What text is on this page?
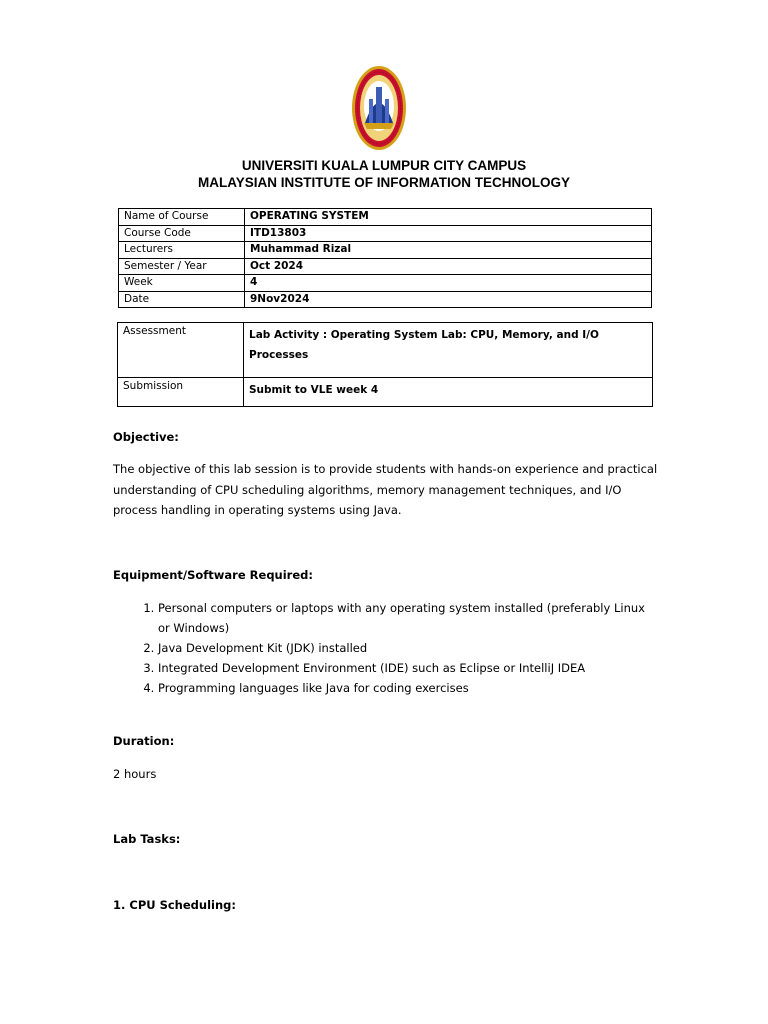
UNIVERSITI KUALA LUMPUR CITY CAMPUS
MALAYSIAN INSTITUTE OF INFORMATION TECHNOLOGY
Name of Course	OPERATING SYSTEM
Course Code	ITD13803
Lecturers	Muhammad Rizal
Semester / Year	Oct 2024
Week	4
Date	9Nov2024
Assessment	Lab Activity : Operating System Lab: CPU, Memory, and I/O Processes
Submission	Submit to VLE week 4
Objective:
The objective of this lab session is to provide students with hands-on experience and practical understanding of CPU scheduling algorithms, memory management techniques, and I/O process handling in operating systems using Java.
Equipment/Software Required:
1. Personal computers or laptops with any operating system installed (preferably Linux or Windows)
2. Java Development Kit (JDK) installed
3. Integrated Development Environment (IDE) such as Eclipse or IntelliJ IDEA
4. Programming languages like Java for coding exercises
Duration:
2 hours
Lab Tasks:
1. CPU Scheduling:
